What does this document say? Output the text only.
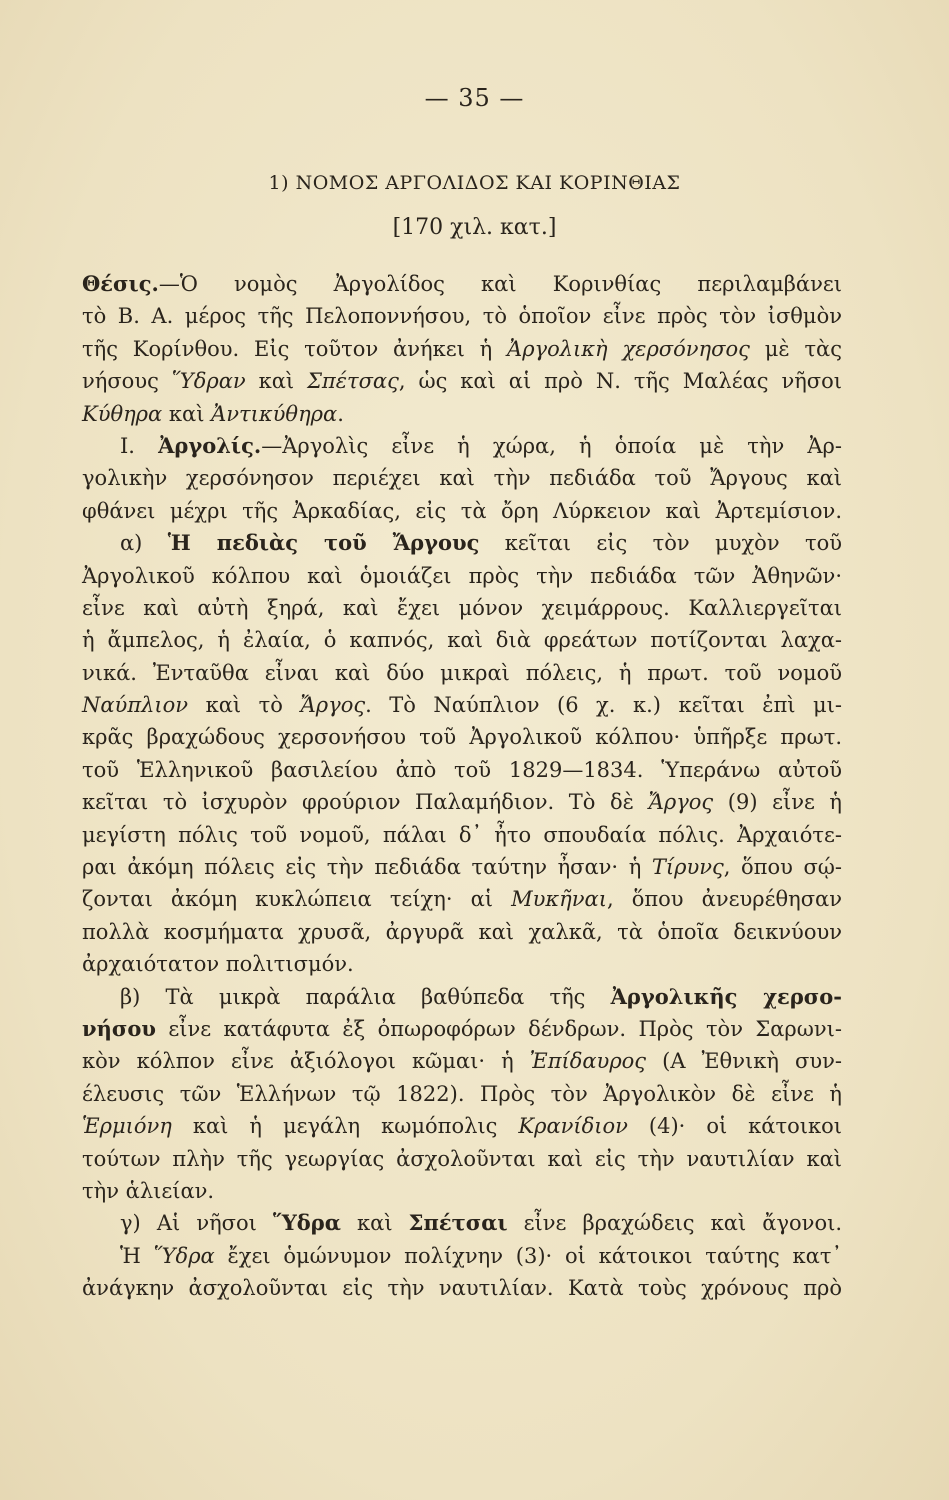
— 35 —
1) ΝΟΜΟΣ ΑΡΓΟΛΙΔΟΣ ΚΑΙ ΚΟΡΙΝΘΙΑΣ
[170 χιλ. κατ.]
Θέσις.—Ὁ νομὸς Ἀργολίδος καὶ Κορινθίας περιλαμβάνει
τὸ Β. Α. μέρος τῆς Πελοποννήσου, τὸ ὁποῖον εἶνε πρὸς τὸν ἰσθμὸν
τῆς Κορίνθου. Εἰς τοῦτον ἀνήκει ἡ Ἀργολικὴ χερσόνησος μὲ τὰς
νήσους Ὕδραν καὶ Σπέτσας, ὡς καὶ αἱ πρὸ Ν. τῆς Μαλέας νῆσοι
Κύθηρα καὶ Ἀντικύθηρα.
Ι. Ἀργολίς.—Ἀργολὶς εἶνε ἡ χώρα, ἡ ὁποία μὲ τὴν Ἀρ-
γολικὴν χερσόνησον περιέχει καὶ τὴν πεδιάδα τοῦ Ἄργους καὶ
φθάνει μέχρι τῆς Ἀρκαδίας, εἰς τὰ ὄρη Λύρκειον καὶ Ἀρτεμίσιον.
α) Ἡ πεδιὰς τοῦ Ἄργους κεῖται εἰς τὸν μυχὸν τοῦ
Ἀργολικοῦ κόλπου καὶ ὁμοιάζει πρὸς τὴν πεδιάδα τῶν Ἀθηνῶν·
εἶνε καὶ αὐτὴ ξηρά, καὶ ἔχει μόνον χειμάρρους. Καλλιεργεῖται
ἡ ἄμπελος, ἡ ἐλαία, ὁ καπνός, καὶ διὰ φρεάτων ποτίζονται λαχα-
νικά. Ἐνταῦθα εἶναι καὶ δύο μικραὶ πόλεις, ἡ πρωτ. τοῦ νομοῦ
Ναύπλιον καὶ τὸ Ἄργος. Τὸ Ναύπλιον (6 χ. κ.) κεῖται ἐπὶ μι-
κρᾶς βραχώδους χερσονήσου τοῦ Ἀργολικοῦ κόλπου· ὑπῆρξε πρωτ.
τοῦ Ἑλληνικοῦ βασιλείου ἀπὸ τοῦ 1829—1834. Ὑπεράνω αὐτοῦ
κεῖται τὸ ἰσχυρὸν φρούριον Παλαμήδιον. Τὸ δὲ Ἄργος (9) εἶνε ἡ
μεγίστη πόλις τοῦ νομοῦ, πάλαι δ᾽ ἦτο σπουδαία πόλις. Ἀρχαιότε-
ραι ἀκόμη πόλεις εἰς τὴν πεδιάδα ταύτην ἦσαν· ἡ Τίρυνς, ὅπου σῴ-
ζονται ἀκόμη κυκλώπεια τείχη· αἱ Μυκῆναι, ὅπου ἀνευρέθησαν
πολλὰ κοσμήματα χρυσᾶ, ἀργυρᾶ καὶ χαλκᾶ, τὰ ὁποῖα δεικνύουν
ἀρχαιότατον πολιτισμόν.
β) Τὰ μικρὰ παράλια βαθύπεδα τῆς Ἀργολικῆς χερσο-
νήσου εἶνε κατάφυτα ἐξ ὀπωροφόρων δένδρων. Πρὸς τὸν Σαρωνι-
κὸν κόλπον εἶνε ἀξιόλογοι κῶμαι· ἡ Ἐπίδαυρος (Α Ἐθνικὴ συν-
έλευσις τῶν Ἑλλήνων τῷ 1822). Πρὸς τὸν Ἀργολικὸν δὲ εἶνε ἡ
Ἑρμιόνη καὶ ἡ μεγάλη κωμόπολις Κρανίδιον (4)· οἱ κάτοικοι
τούτων πλὴν τῆς γεωργίας ἀσχολοῦνται καὶ εἰς τὴν ναυτιλίαν καὶ
τὴν ἁλιείαν.
γ) Αἱ νῆσοι Ὕδρα καὶ Σπέτσαι εἶνε βραχώδεις καὶ ἄγονοι.
Ἡ Ὕδρα ἔχει ὁμώνυμον πολίχνην (3)· οἱ κάτοικοι ταύτης κατ᾽
ἀνάγκην ἀσχολοῦνται εἰς τὴν ναυτιλίαν. Κατὰ τοὺς χρόνους πρὸ
